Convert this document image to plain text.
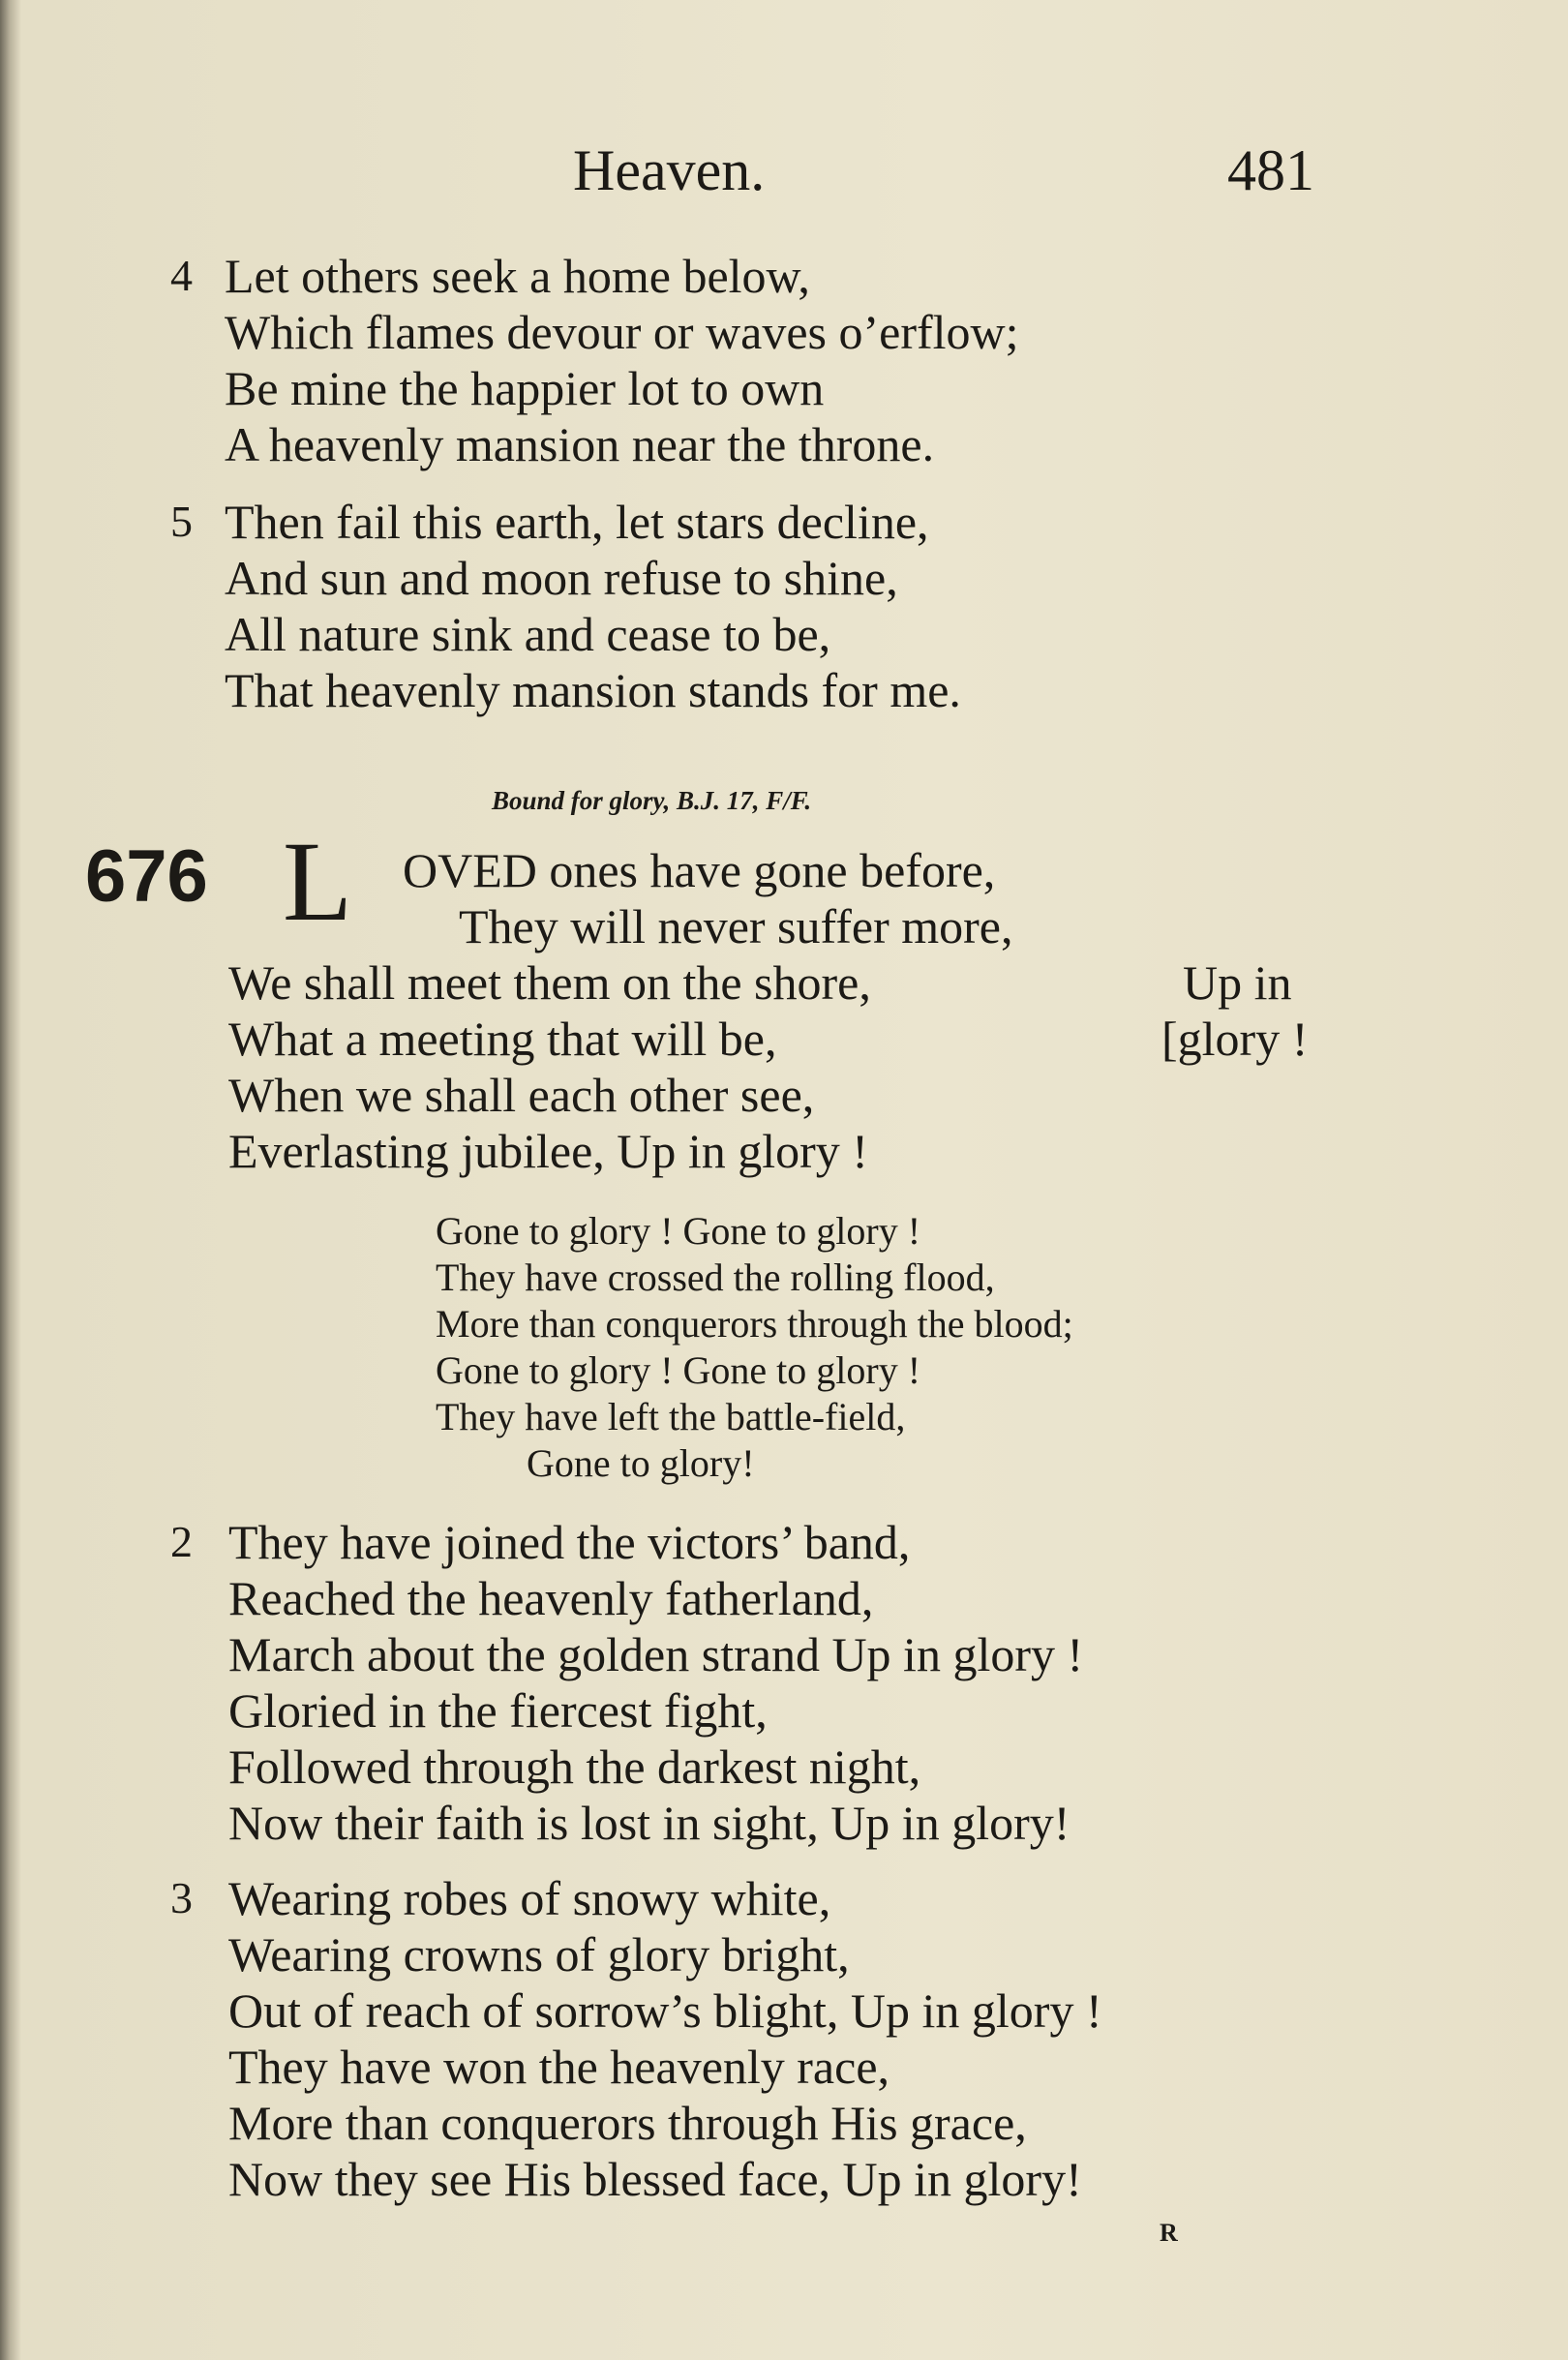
Heaven.	481
4 Let others seek a home below,
Which flames devour or waves o’erflow;
Be mine the happier lot to own
A heavenly mansion near the throne.
5 Then fail this earth, let stars decline,
And sun and moon refuse to shine,
All nature sink and cease to be,
That heavenly mansion stands for me.
Bound for glory, B.J. 17, F/F.
676 L OVED ones have gone before,
They will never suffer more,
We shall meet them on the shore,	Up in
What a meeting that will be,	[glory !
When we shall each other see,
Everlasting jubilee, Up in glory !
Gone to glory ! Gone to glory !
They have crossed the rolling flood,
More than conquerors through the blood;
Gone to glory ! Gone to glory !
They have left the battle-field,
Gone to glory!
2 They have joined the victors’ band,
Reached the heavenly fatherland,
March about the golden strand Up in glory !
Gloried in the fiercest fight,
Followed through the darkest night,
Now their faith is lost in sight, Up in glory!
3 Wearing robes of snowy white,
Wearing crowns of glory bright,
Out of reach of sorrow’s blight, Up in glory !
They have won the heavenly race,
More than conquerors through His grace,
Now they see His blessed face, Up in glory!
R
